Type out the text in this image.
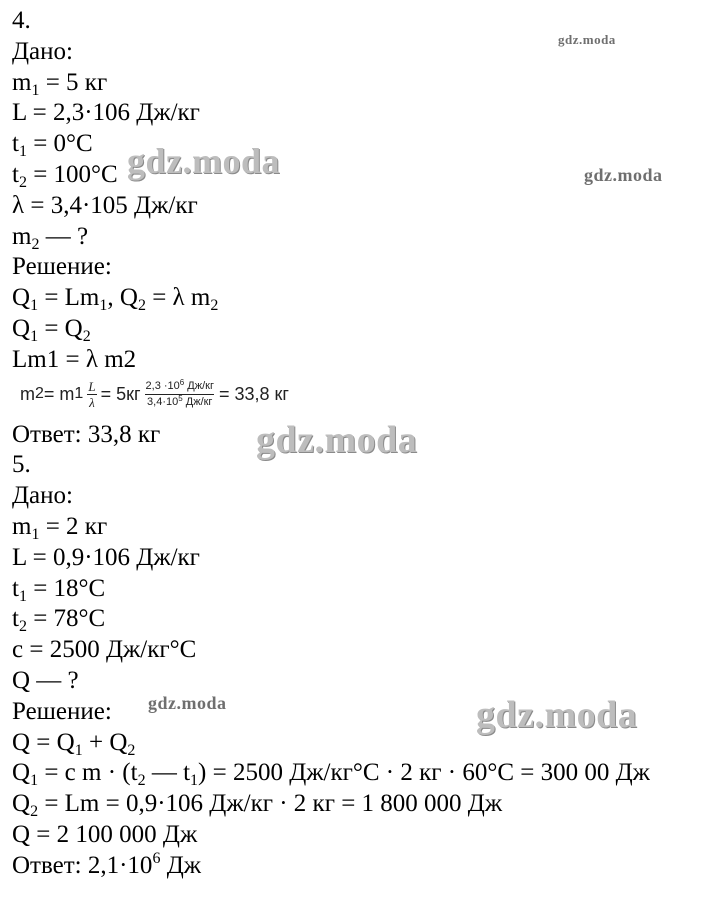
4.
Дано:
$m_1 = 5$ кг
L = 2,3·106 Дж/кг
$t_1 = 0^\circ C$
$t_2 = 100^\circ C$
λ = 3,4·105 Дж/кг
$m_2$ — ?
Решение:
$Q_1 = Lm_1$, $Q_2 = \lambda$ $m_2$
$Q_1 = Q_2$
Lm1 = λ m2
m 2 = m $1 \frac{L}{\lambda} = 5кг \frac{2,3 \cdot 10^6 Дж/кг}{3,4\cdot 10^5 Дж/кг} = 33,8$ кг
Ответ: 33,8 кг
5.
Дано:
$m_1 = 2$ кг
L = 0,9·106 Дж/кг
$t_1 = 18^\circ C$
$t_2 = 78^\circ C$
c = 2500 Дж/кг°C
Q — ?
Решение:
$Q = Q_1 + Q_2$
$Q_1 = c$ $m \cdot (t_2$ — $t_1) = 2500$ Дж/кг°C · 2 кг · 60°C = 300 00 Дж
$Q_2 = Lm = 0,9\cdot 106$ Дж/кг · 2 кг = 1 800 000 Дж
Q = 2 100 000 Дж
Ответ: $2,1\cdot 10^6$ Дж
gdz.moda
gdz.moda	gdz.moda
gdz.moda
gdz.moda	gdz.moda
